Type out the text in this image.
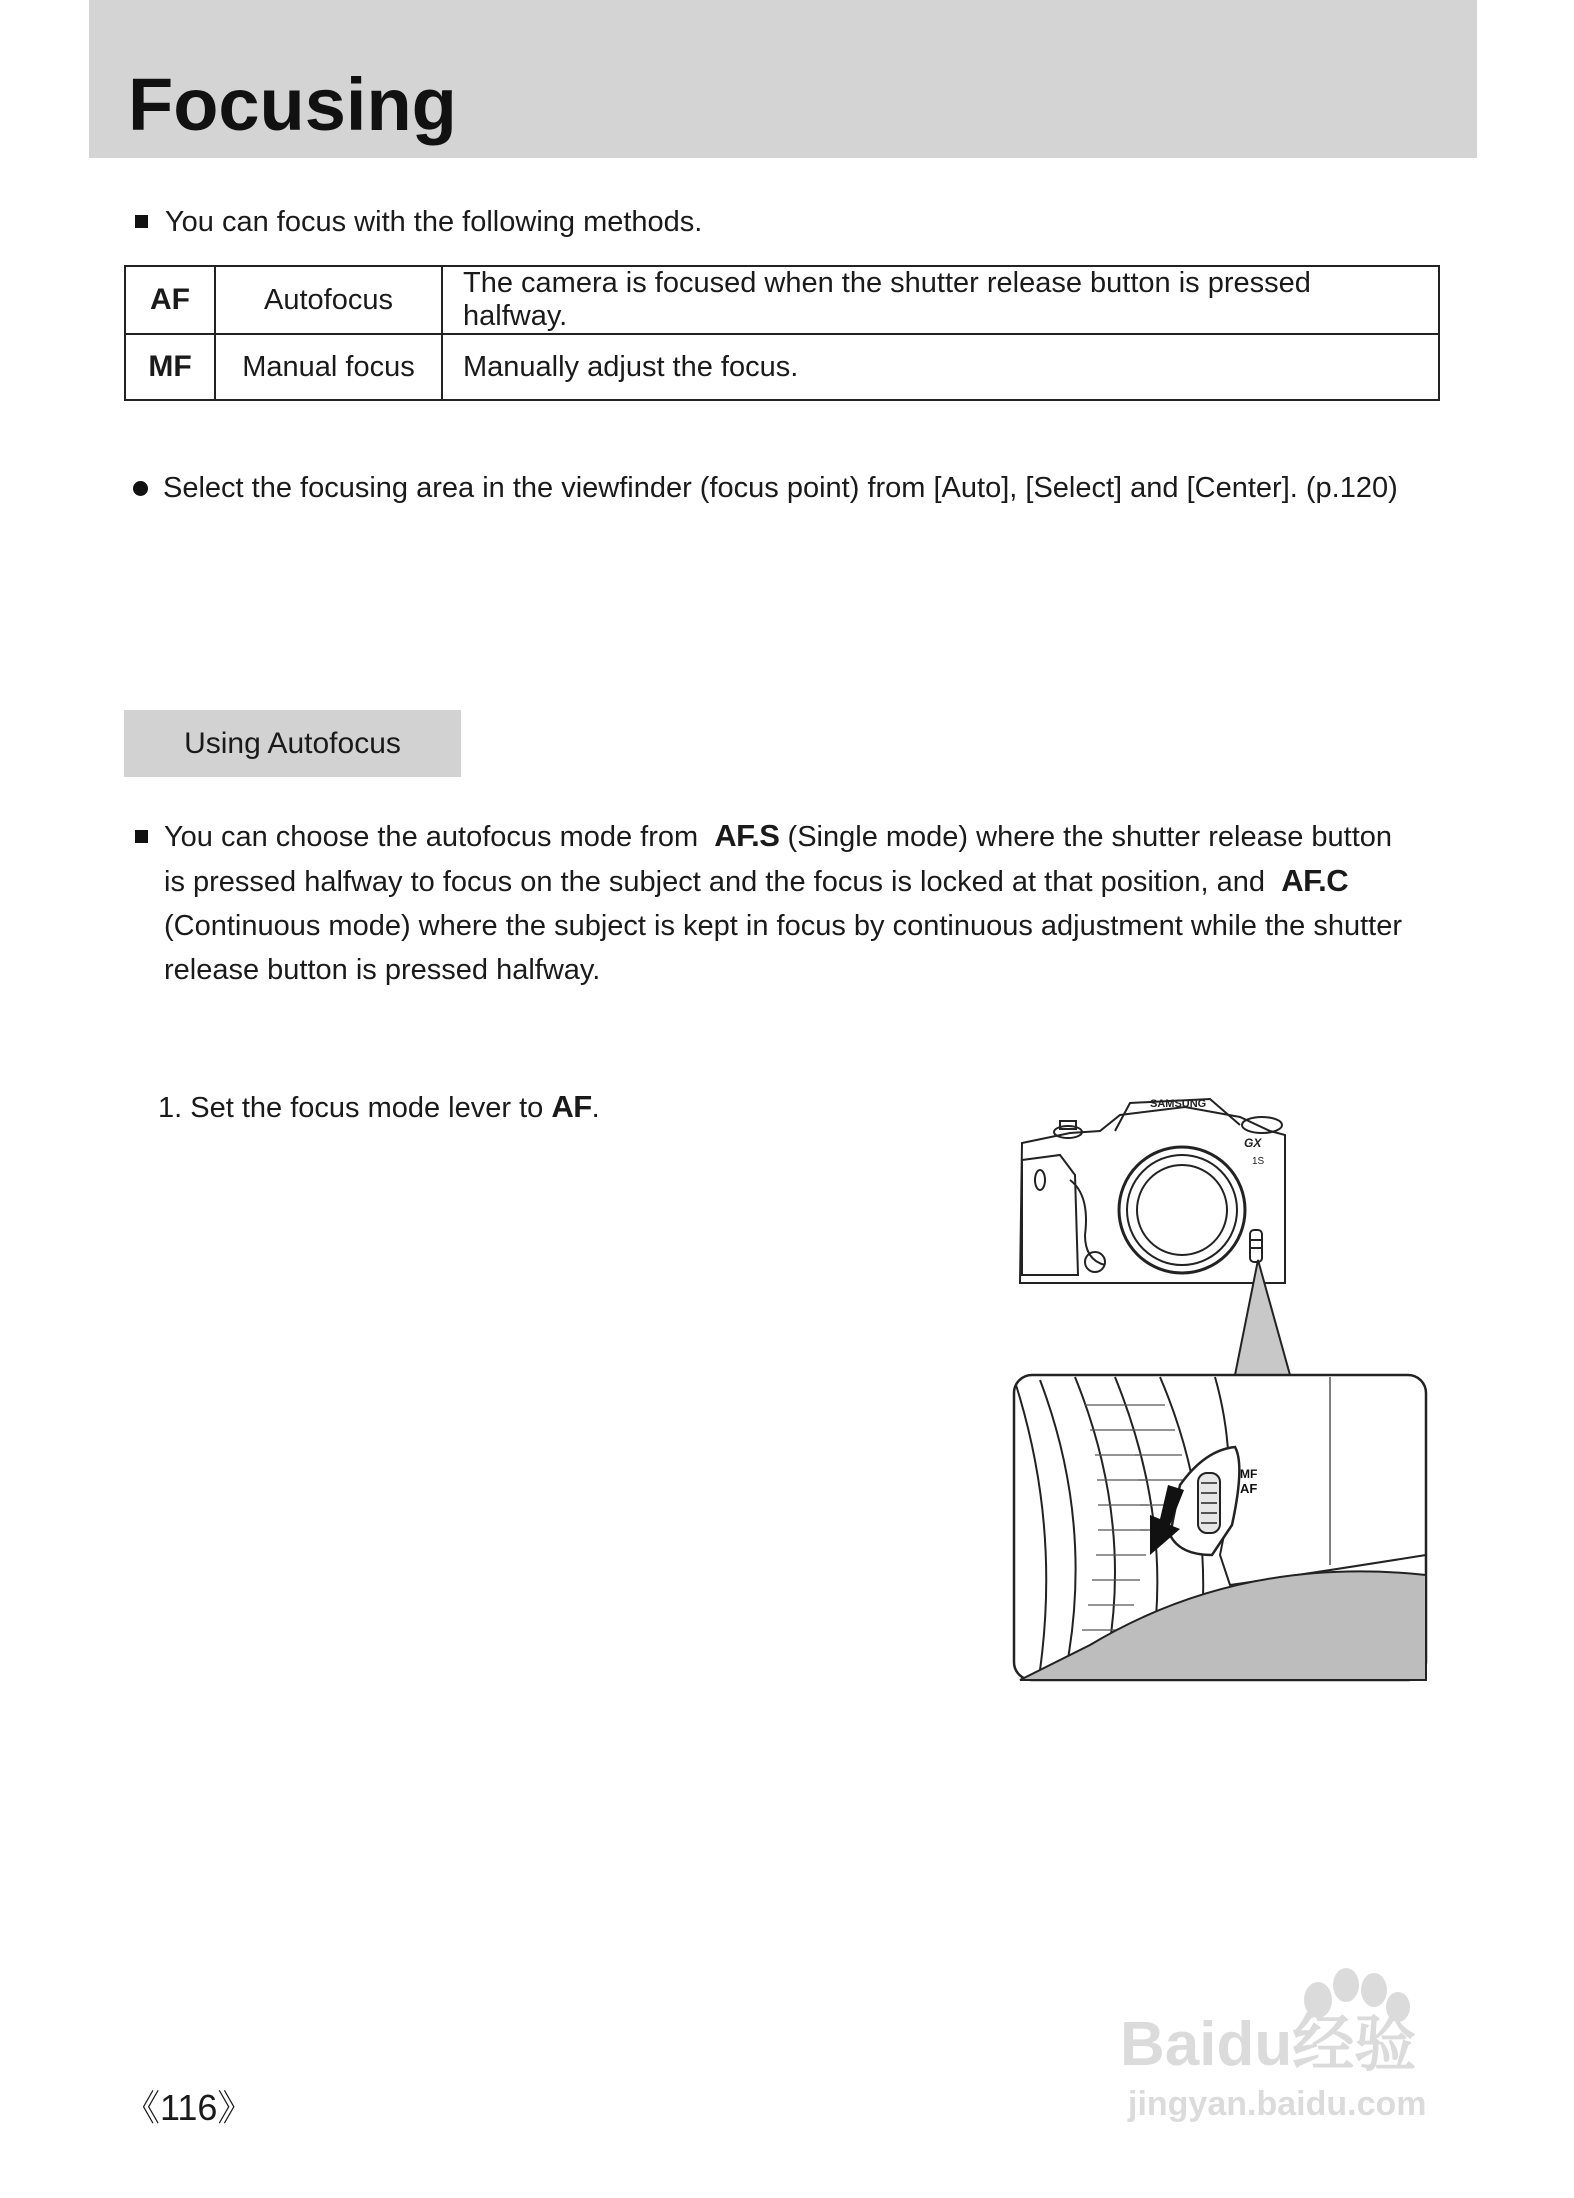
Focusing

You can focus with the following methods.

AF	Autofocus	The camera is focused when the shutter release button is pressed halfway.
MF	Manual focus	Manually adjust the focus.

Select the focusing area in the viewfinder (focus point) from [Auto], [Select] and [Center]. (p.120)

Using Autofocus

You can choose the autofocus mode from AF.S (Single mode) where the shutter release button is pressed halfway to focus on the subject and the focus is locked at that position, and AF.C (Continuous mode) where the subject is kept in focus by continuous adjustment while the shutter release button is pressed halfway.

1. Set the focus mode lever to AF.	SAMSUNG
GX
1S
MF
AF

《116》

Baidu经验
jingyan.baidu.com
